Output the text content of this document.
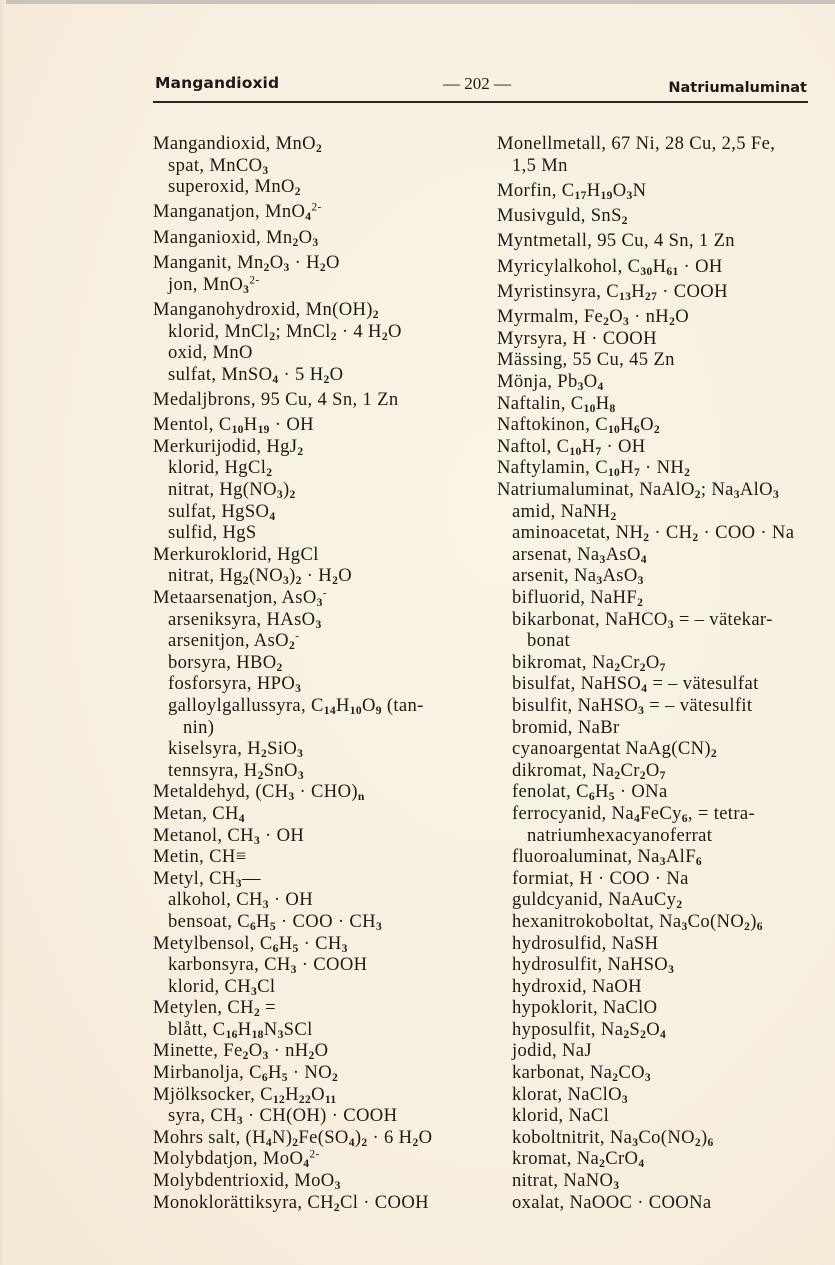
Mangandioxid	— 202 —	Natriumaluminat
Mangandioxid, MnO$_2$
spat, MnCO$_3$
superoxid, MnO$_2$
Manganatjon, MnO$_4^{2-}$
Manganioxid, $Mn_2O_3$
Manganit, $Mn_2O_3 \cdot H_2O$
jon, MnO$_3^{2-}$
Manganohydroxid, $Mn(OH)_2$
klorid, MnCl$_2$; MnCl$_2$ · 4 $H_2O$
oxid, MnO
sulfat, MnSO$_4$ · 5 $H_2O$
Medaljbrons, 95 Cu, 4 Sn, 1 Zn
Mentol, $C_{10}H_{19}$ · OH
Merkurijodid, HgJ$_2$
klorid, HgCl$_2$
nitrat, $Hg(NO_3)_2$
sulfat, HgSO$_4$
sulfid, HgS
Merkuroklorid, HgCl
nitrat, $Hg_2(NO_3)_2 \cdot H_2O$
Metaarsenatjon, AsO$_3$-
arseniksyra, HAsO$_3$
arsenitjon, AsO$_2$-
borsyra, $HBO_2$
fosforsyra, $HPO_3$
galloylgallussyra, $C_{14}H_{10}O_9$ (tan-
nin)
kiselsyra, $H_2SiO_3$
tennsyra, $H_2SnO_3$
Metaldehyd, $(CH_3 \cdot CHO)_n$
Metan, $CH_4$
Metanol, $CH_3$ · OH
Metin, CH≡
Metyl, $CH_3—$
alkohol, $CH_3$ · OH
bensoat, $C_6H_5$ · COO · $CH_3$
Metylbensol, $C_6H_5 \cdot CH_3$
karbonsyra, $CH_3$ · COOH
klorid, $CH_3Cl$
Metylen, $CH_2$ =
blått, $C_{16}H_{18}N_3SCl$
Minette, $Fe_2O_3 \cdot nH_2O$
Mirbanolja, $C_6H_5 \cdot NO_2$
Mjölksocker, $C_{12}H_{22}O_{11}$
syra, $CH_3 \cdot CH(OH)$ · COOH
Mohrs salt, $(H_4N)_2Fe(SO_4)_2 \cdot 6$ $H_2O$
Molybdatjon, MoO$_4^{2-}$
Molybdentrioxid, MoO$_3$
Monoklorättiksyra, $CH_2Cl$ · COOH
Monellmetall, 67 Ni, 28 Cu, 2,5 Fe,
1,5 Mn
Morfin, $C_{17}H_{19}O_3N$
Musivguld, SnS$_2$
Myntmetall, 95 Cu, 4 Sn, 1 Zn
Myricylalkohol, $C_{30}H_{61}$ · OH
Myristinsyra, $C_{13}H_{27}$ · COOH
Myrmalm, $Fe_2O_3 \cdot nH_2O$
Myrsyra, H · COOH
Mässing, 55 Cu, 45 Zn
Mönja, $Pb_3O_4$
Naftalin, $C_{10}H_8$
Naftokinon, $C_{10}H_6O_2$
Naftol, $C_{10}H_7$ · OH
Naftylamin, $C_{10}H_7 \cdot NH_2$
Natriumaluminat, NaAlO$_2$; $Na_3AlO_3$
amid, NaNH$_2$
aminoacetat, $NH_2 \cdot CH_2$ · COO · Na
arsenat, $Na_3AsO_4$
arsenit, $Na_3AsO_3$
bifluorid, NaHF$_2$
bikarbonat, NaHCO$_3$ = – vätekar-
bonat
bikromat, $Na_2Cr_2O_7$
bisulfat, NaHSO$_4$ = – vätesulfat
bisulfit, NaHSO$_3$ = – vätesulfit
bromid, NaBr
cyanoargentat $NaAg(CN)_2$
dikromat, $Na_2Cr_2O_7$
fenolat, $C_6H_5$ · ONa
ferrocyanid, $Na_4FeCy_6$, = tetra-
natriumhexacyanoferrat
fluoroaluminat, $Na_3AlF_6$
formiat, H · COO · Na
guldcyanid, NaAuCy$_2$
hexanitrokoboltat, $Na_3Co(NO_2)_6$
hydrosulfid, NaSH
hydrosulfit, NaHSO$_3$
hydroxid, NaOH
hypoklorit, NaClO
hyposulfit, $Na_2S_2O_4$
jodid, NaJ
karbonat, $Na_2CO_3$
klorat, NaClO$_3$
klorid, NaCl
koboltnitrit, $Na_3Co(NO_2)_6$
kromat, $Na_2CrO_4$
nitrat, NaNO$_3$
oxalat, NaOOC · COONa
